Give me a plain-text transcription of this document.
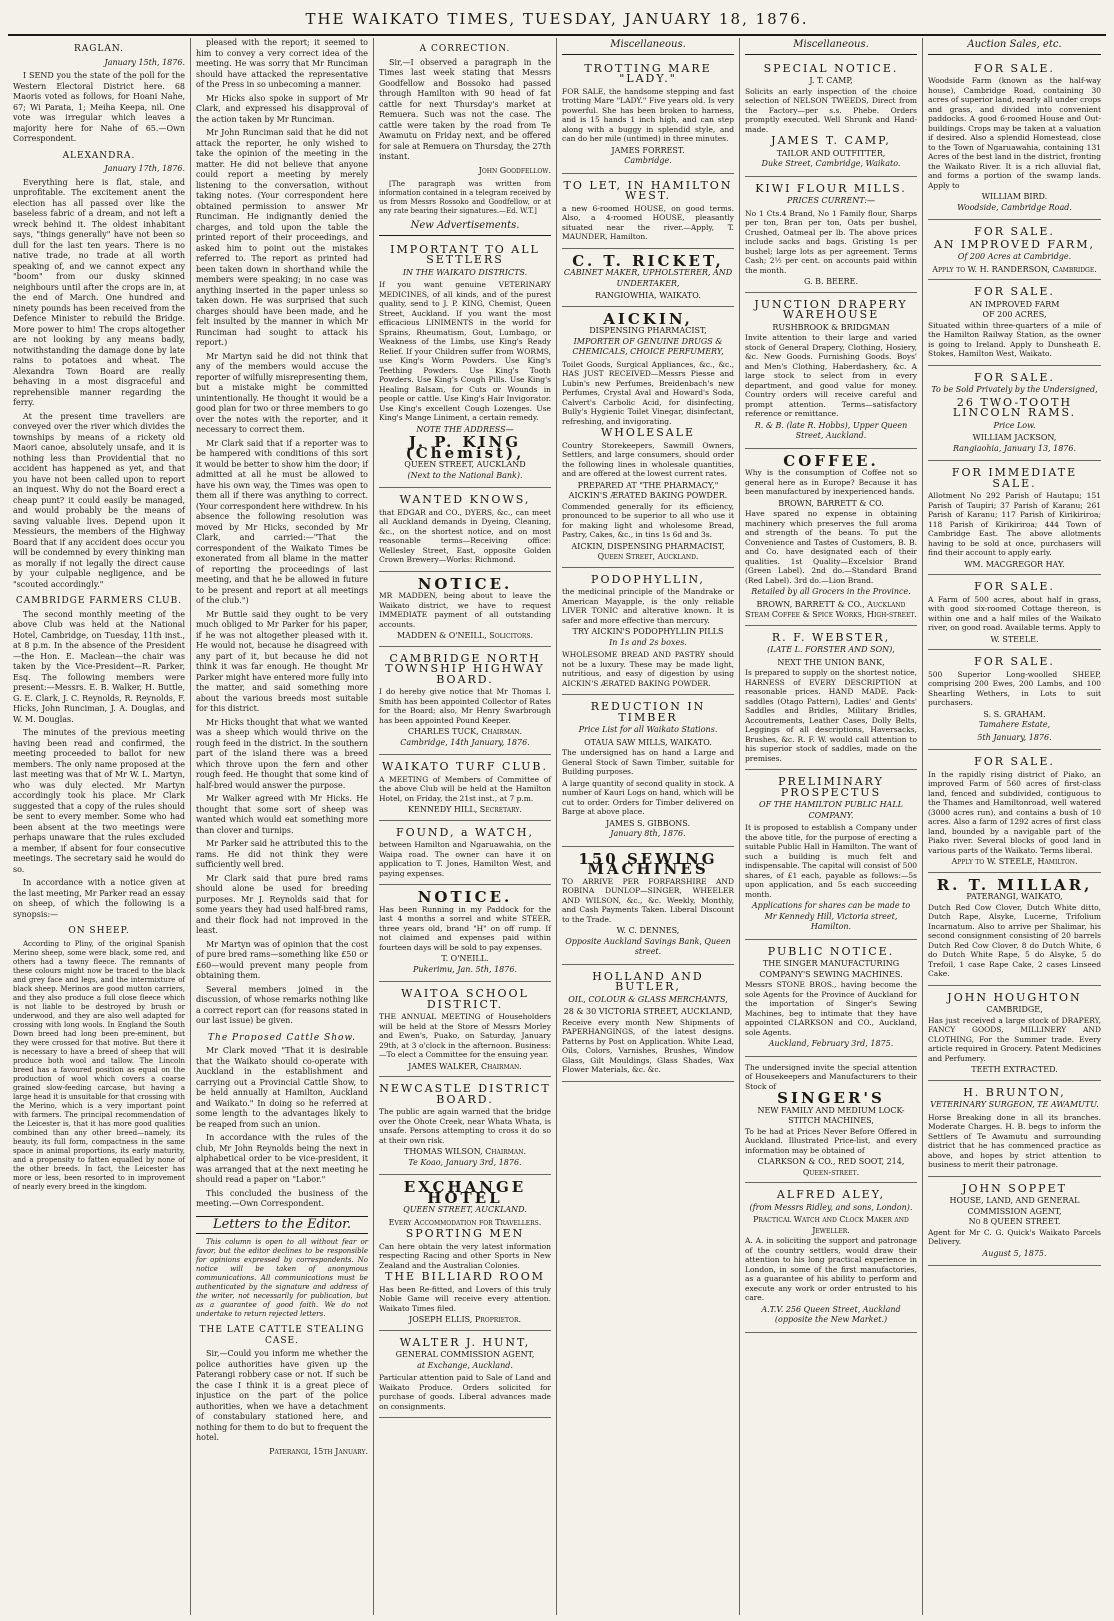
THE WAIKATO TIMES, TUESDAY, JANUARY 18, 1876.
RAGLAN.
January 15th, 1876.

I SEND you the state of the poll for the Western Electoral District here. 68 Maoris voted as follows, for Hoani Nahe, 67; Wi Parata, 1; Meiha Keepa, nil. One vote was irregular which leaves a majority here for Nahe of 65.—Own Correspondent.

ALEXANDRA.
January 17th, 1876.

Everything here is flat, stale, and unprofitable. The excitement anent the election has all passed over like the baseless fabric of a dream, and not left a wreck behind it. The oldest inhabitant says, "things generally" have not been so dull for the last ten years. There is no native trade, no trade at all worth speaking of, and we cannot expect any "boom" from our dusky skinned neighbours until after the crops are in, at the end of March. One hundred and ninety pounds has been received from the Defence Minister to rebuild the Bridge. More power to him! The crops altogether are not looking by any means badly, notwithstanding the damage done by late rains to potatoes and wheat. The Alexandra Town Board are really behaving in a most disgraceful and reprehensible manner regarding the ferry.

At the present time travellers are conveyed over the river which divides the townships by means of a rickety old Maori canoe, absolutely unsafe, and it is nothing less than Providential that no accident has happened as yet, and that you have not been called upon to report an inquest. Why do not the Board erect a cheap punt? it could easily be managed, and would probably be the means of saving valuable lives. Depend upon it Messieurs, the members of the Highway Board that if any accident does occur you will be condemned by every thinking man as morally if not legally the direct cause by your culpable negligence, and be "scouted accordingly."

CAMBRIDGE FARMERS CLUB.

The second monthly meeting of the above Club was held at the National Hotel, Cambridge, on Tuesday, 11th inst., at 8 p.m. In the absence of the President—the Hon. E. Maclean—the chair was taken by the Vice-President—R. Parker, Esq. The following members were present:—Messrs. E. B. Walker, H. Buttle, G. E. Clark, J. C. Reynolds, R. Reynolds, F. Hicks, John Runciman, J. A. Douglas, and W. M. Douglas.

The minutes of the previous meeting having been read and confirmed, the meeting proceeded to ballot for new members. The only name proposed at the last meeting was that of Mr W. L. Martyn, who was duly elected. Mr Martyn accordingly took his place. Mr Clark suggested that a copy of the rules should be sent to every member. Some who had been absent at the two meetings were perhaps unaware that the rules excluded a member, if absent for four consecutive meetings. The secretary said he would do so.

In accordance with a notice given at the last meeting, Mr Parker read an essay on sheep, of which the following is a synopsis:—

ON SHEEP.

According to Pliny, of the original Spanish Merino sheep, some were black, some red, and others had a tawny fleece. The remnants of these colours might now be traced to the black and grey face and legs, and the intermixture of black sheep. Merinos are good mutton carriers, and they also produce a full close fleece which is not liable to be destroyed by brush or underwood, and they are also well adapted for crossing with long wools. In England the South Down breed had long been pre-eminent, but they were crossed for that motive. But there it is necessary to have a breed of sheep that will produce both wool and tallow. The Lincoln breed has a favoured position as equal on the production of wool which covers a coarse grained slow-feeding carcase, but having a large head it is unsuitable for that crossing with the Merino, which is a very important point with farmers. The principal recommendation of the Leicester is, that it has more good qualities combined than any other breed—namely, its beauty, its full form, compactness in the same space in animal proportions, its early maturity, and a propensity to fatten equalled by none of the other breeds. In fact, the Leicester has more or less, been resorted to in improvement of nearly every breed in the kingdom.

pleased with the report; it seemed to him to convey a very correct idea of the meeting. He was sorry that Mr Runciman should have attacked the representative of the Press in so unbecoming a manner.

Mr Hicks also spoke in support of Mr Clark, and expressed his disapproval of the action taken by Mr Runciman.

Mr John Runciman said that he did not attack the reporter, he only wished to take the opinion of the meeting in the matter. He did not believe that anyone could report a meeting by merely listening to the conversation, without taking notes. (Your correspondent here obtained permission to answer Mr Runciman. He indignantly denied the charges, and told upon the table the printed report of their proceedings, and asked him to point out the mistakes referred to. The report as printed had been taken down in shorthand while the members were speaking; in no case was anything inserted in the paper unless so taken down. He was surprised that such charges should have been made, and he felt insulted by the manner in which Mr Runciman had sought to attack his report.)

Mr Martyn said he did not think that any of the members would accuse the reporter of wilfully misrepresenting them, but a mistake might be committed unintentionally. He thought it would be a good plan for two or three members to go over the notes with the reporter, and it necessary to correct them.

Mr Clark said that if a reporter was to be hampered with conditions of this sort it would be better to show him the door; if admitted at all he must be allowed to have his own way, the Times was open to them all if there was anything to correct. (Your correspondent here withdrew. In his absence the following resolution was moved by Mr Hicks, seconded by Mr Clark, and carried:—"That the correspondent of the Waikato Times be exonerated from all blame in the matter of reporting the proceedings of last meeting, and that he be allowed in future to be present and report at all meetings of the club.")

Mr Buttle said they ought to be very much obliged to Mr Parker for his paper, if he was not altogether pleased with it. He would not, because he disagreed with any part of it, but because he did not think it was far enough. He thought Mr Parker might have entered more fully into the matter, and said something more about the various breeds most suitable for this district.

Mr Hicks thought that what we wanted was a sheep which would thrive on the rough feed in the district. In the southern part of the island there was a breed which throve upon the fern and other rough feed. He thought that some kind of half-bred would answer the purpose.

Mr Walker agreed with Mr Hicks. He thought that some sort of sheep was wanted which would eat something more than clover and turnips.

Mr Parker said he attributed this to the rams. He did not think they were sufficiently well bred.

Mr Clark said that pure bred rams should alone be used for breeding purposes. Mr J. Reynolds said that for some years they had used half-bred rams, and their flock had not improved in the least.

Mr Martyn was of opinion that the cost of pure bred rams—something like £50 or £60—would prevent many people from obtaining them.

Several members joined in the discussion, of whose remarks nothing like a correct report can (for reasons stated in our last issue) be given.

The Proposed Cattle Show.

Mr Clark moved "That it is desirable that the Waikato should co-operate with Auckland in the establishment and carrying out a Provincial Cattle Show, to be held annually at Hamilton, Auckland and Waikato." In doing so he referred at some length to the advantages likely to be reaped from such an union.

In accordance with the rules of the club, Mr John Reynolds being the next in alphabetical order to be vice-president, it was arranged that at the next meeting he should read a paper on "Labor."

This concluded the business of the meeting.—Own Correspondent.

Letters to the Editor.

This column is open to all without fear or favor, but the editor declines to be responsible for opinions expressed by correspondents. No notice will be taken of anonymous communications. All communications must be authenticated by the signature and address of the writer, not necessarily for publication, but as a guarantee of good faith. We do not undertake to return rejected letters.

THE LATE CATTLE STEALING CASE.

Sir,—Could you inform me whether the police authorities have given up the Paterangi robbery case or not. If such be the case I think it is a great piece of injustice on the part of the police authorities, when we have a detachment of constabulary stationed here, and nothing for them to do but to frequent the hotel.

Paterangi, 15th January.
A CORRECTION.

Sir,—I observed a paragraph in the Times last week stating that Messrs Goodfellow and Bossoko had passed through Hamilton with 90 head of fat cattle for next Thursday's market at Remuera. Such was not the case. The cattle were taken by the road from Te Awamutu on Friday next, and be offered for sale at Remuera on Thursday, the 27th instant.

John Goodfellow.

[The paragraph was written from information contained in a telegram received by us from Messrs Rossoko and Goodfellow, or at any rate bearing their signatures.—Ed. W.T.]

New Advertisements.
IMPORTANT TO ALL SETTLERS
IN THE WAIKATO DISTRICTS.
If you want genuine VETERINARY MEDICINES, of all kinds, and of the purest quality, send to J. P. KING, Chemist, Queen Street, Auckland. If you want the most efficacious LINIMENTS in the world for Sprains, Rheumatism, Gout, Lumbago, or Weakness of the Limbs, use King's Ready Relief. If your Children suffer from WORMS, use King's Worm Powders. Use King's Teething Powders. Use King's Tooth Powders. Use King's Cough Pills. Use King's Healing Balsam, for Cuts or Wounds in people or cattle. Use King's Hair Invigorator. Use King's excellent Cough Lozenges. Use King's Mange Liniment, a certain remedy.
NOTE THE ADDRESS—
J. P. KING (Chemist),
QUEEN STREET, AUCKLAND
(Next to the National Bank).
WANTED KNOWS,
that EDGAR and CO., DYERS, &c., can meet all Auckland demands in Dyeing, Cleaning, &c., on the shortest notice, and on most reasonable terms—Receiving office: Wellesley Street, East, opposite Golden Crown Brewery—Works: Richmond.
NOTICE.
MR MADDEN, being about to leave the Waikato district, we have to request IMMEDIATE payment of all outstanding accounts.
MADDEN & O'NEILL, Solicitors.
CAMBRIDGE NORTH TOWNSHIP HIGHWAY BOARD.
I do hereby give notice that Mr Thomas I. Smith has been appointed Collector of Rates for the Board; also, Mr Henry Swarbrough has been appointed Pound Keeper.
CHARLES TUCK, Chairman.
Cambridge, 14th January, 1876.
WAIKATO TURF CLUB.
A MEETING of Members of Committee of the above Club will be held at the Hamilton Hotel, on Friday, the 21st inst., at 7 p.m.
KENNEDY HILL, Secretary.
FOUND, a WATCH,
between Hamilton and Ngaruawahia, on the Waipa road. The owner can have it on application to T. Jones, Hamilton West, and paying expenses.
NOTICE.
Has been Running in my Paddock for the last 4 months a sorrel and white STEER, three years old, brand "H" on off rump. If not claimed and expenses paid within fourteen days will be sold to pay expenses.
T. O'NEILL.
Pukerimu, Jan. 5th, 1876.
WAITOA SCHOOL DISTRICT.
THE ANNUAL MEETING of Householders will be held at the Store of Messrs Morley and Ewen's, Puako, on Saturday, January 29th, at 3 o'clock in the afternoon. Business:—To elect a Committee for the ensuing year.
JAMES WALKER, Chairman.
NEWCASTLE DISTRICT BOARD.
The public are again warned that the bridge over the Ohote Creek, near Whata Whata, is unsafe. Persons attempting to cross it do so at their own risk.
THOMAS WILSON, Chairman.
Te Koao, January 3rd, 1876.
EXCHANGE HOTEL
QUEEN STREET, AUCKLAND.
Every Accommodation for Travellers.
SPORTING MEN
Can here obtain the very latest information respecting Racing and other Sports in New Zealand and the Australian Colonies.
THE BILLIARD ROOM
Has been Re-fitted, and Lovers of this truly Noble Game will receive every attention. Waikato Times filed.
JOSEPH ELLIS, Proprietor.
WALTER J. HUNT,
GENERAL COMMISSION AGENT,
at Exchange, Auckland.
Particular attention paid to Sale of Land and Waikato Produce. Orders solicited for purchase of goods. Liberal advances made on consignments.
Miscellaneous.
TROTTING MARE "LADY."
FOR SALE, the handsome stepping and fast trotting Mare "LADY." Five years old. Is very powerful. She has been broken to harness, and is 15 hands 1 inch high, and can step along with a buggy in splendid style, and can do her mile (untimed) in three minutes.
JAMES FORREST.
Cambridge.
TO LET, IN HAMILTON WEST.
a new 6-roomed HOUSE, on good terms. Also, a 4-roomed HOUSE, pleasantly situated near the river.—Apply, T. MAUNDER, Hamilton.
C. T. RICKET,
CABINET MAKER, UPHOLSTERER, AND UNDERTAKER,
RANGIOWHIA, WAIKATO.
AICKIN,
DISPENSING PHARMACIST,
IMPORTER OF GENUINE DRUGS & CHEMICALS, CHOICE PERFUMERY,
Toilet Goods, Surgical Appliances, &c., &c., HAS JUST RECEIVED—Messrs Piesse and Lubin's new Perfumes, Breidenbach's new Perfumes, Crystal Aval and Howard's Soda, Calvert's Carbolic Acid, for disinfecting, Bully's Hygienic Toilet Vinegar, disinfectant, refreshing, and invigorating.
WHOLESALE
Country Storekeepers, Sawmill Owners, Settlers, and large consumers, should order the following lines in wholesale quantities, and are offered at the lowest current rates.
PREPARED AT "THE PHARMACY,"
AICKIN'S ÆRATED BAKING POWDER.
Commended generally for its efficiency, pronounced to be superior to all who use it for making light and wholesome Bread, Pastry, Cakes, &c., in tins 1s 6d and 3s.
AICKIN, DISPENSING PHARMACIST, Queen Street, Auckland.
PODOPHYLLIN,
the medicinal principle of the Mandrake or American Mayapple, is the only reliable LIVER TONIC and alterative known. It is safer and more effective than mercury.
TRY AICKIN'S PODOPHYLLIN PILLS
In 1s and 2s boxes.
WHOLESOME BREAD AND PASTRY should not be a luxury. These may be made light, nutritious, and easy of digestion by using AICKIN'S ÆRATED BAKING POWDER.
REDUCTION IN TIMBER
Price List for all Waikato Stations.
OTAUA SAW MILLS, WAIKATO.
The undersigned has on hand a Large and General Stock of Sawn Timber, suitable for Building purposes.
A large quantity of second quality in stock. A number of Kauri Logs on hand, which will be cut to order. Orders for Timber delivered on Barge at above place.
JAMES S. GIBBONS.
January 8th, 1876.
150 SEWING MACHINES
TO ARRIVE PER FORFARSHIRE AND ROBINA DUNLOP—SINGER, WHEELER AND WILSON, &c., &c. Weekly, Monthly, and Cash Payments Taken. Liberal Discount to the Trade.
W. C. DENNES,
Opposite Auckland Savings Bank, Queen street.
HOLLAND AND BUTLER,
OIL, COLOUR & GLASS MERCHANTS,
28 & 30 VICTORIA STREET, AUCKLAND,
Receive every month New Shipments of PAPERHANGINGS, of the latest designs. Patterns by Post on Application. White Lead, Oils, Colors, Varnishes, Brushes, Window Glass, Gilt Mouldings, Glass Shades, Wax Flower Materials, &c. &c.
Miscellaneous.
SPECIAL NOTICE.
J. T. CAMP,
Solicits an early inspection of the choice selection of NELSON TWEEDS, Direct from the Factory—per s.s. Phebe. Orders promptly executed. Well Shrunk and Hand-made.
JAMES T. CAMP,
TAILOR AND OUTFITTER,
Duke Street, Cambridge, Waikato.
KIWI FLOUR MILLS.
PRICES CURRENT:—
No 1 Cts.4 Brand, No 1 Family flour, Sharps per ton, Bran per ton, Oats per bushel, Crushed, Oatmeal per lb. The above prices include sacks and bags. Gristing 1s per bushel; large lots as per agreement. Terms Cash; 2½ per cent. on accounts paid within the month.
G. B. BEERE.
JUNCTION DRAPERY WAREHOUSE
RUSHBROOK & BRIDGMAN
Invite attention to their large and varied stock of General Drapery, Clothing, Hosiery, &c. New Goods. Furnishing Goods. Boys' and Men's Clothing, Haberdashery, &c. A large stock to select from in every department, and good value for money. Country orders will receive careful and prompt attention. Terms—satisfactory reference or remittance.
R. & B. (late R. Hobbs), Upper Queen Street, Auckland.
COFFEE.
Why is the consumption of Coffee not so general here as in Europe? Because it has been manufactured by inexperienced hands.
BROWN, BARRETT & CO.
Have spared no expense in obtaining machinery which preserves the full aroma and strength of the beans. To put the Convenience and Tastes of Customers, B. B. and Co. have designated each of their qualities. 1st Quality—Excelsior Brand (Green Label). 2nd do.—Standard Brand (Red Label). 3rd do.—Lion Brand.
Retailed by all Grocers in the Province.
BROWN, BARRETT & CO., Auckland Steam Coffee & Spice Works, High-street.
R. F. WEBSTER,
(LATE L. FORSTER AND SON),
NEXT THE UNION BANK,
Is prepared to supply on the shortest notice, HARNESS of EVERY DESCRIPTION at reasonable prices. HAND MADE. Pack-saddles (Otago Pattern), Ladies' and Gents' Saddles and Bridles, Military Bridles, Accoutrements, Leather Cases, Dolly Belts, Leggings of all descriptions, Haversacks, Brushes, &c. R. F. W. would call attention to his superior stock of saddles, made on the premises.
PRELIMINARY PROSPECTUS
OF THE HAMILTON PUBLIC HALL COMPANY.
It is proposed to establish a Company under the above title, for the purpose of erecting a suitable Public Hall in Hamilton. The want of such a building is much felt and indispensable. The capital will consist of 500 shares, of £1 each, payable as follows:—5s upon application, and 5s each succeeding month.
Applications for shares can be made to Mr Kennedy Hill, Victoria street, Hamilton.
PUBLIC NOTICE.
THE SINGER MANUFACTURING COMPANY'S SEWING MACHINES.
Messrs STONE BROS., having become the sole Agents for the Province of Auckland for the importation of Singer's Sewing Machines, beg to intimate that they have appointed CLARKSON and CO., Auckland, sole Agents.
Auckland, February 3rd, 1875.
The undersigned invite the special attention of Housekeepers and Manufacturers to their Stock of
SINGER'S
NEW FAMILY AND MEDIUM LOCK-STITCH MACHINES,
To be had at Prices Never Before Offered in Auckland. Illustrated Price-list, and every information may be obtained of
CLARKSON & CO., RED SOOT, 214, Queen-street.
ALFRED ALEY,
(from Messrs Ridley, and sons, London).
Practical Watch and Clock Maker and Jeweller.
A. A. in soliciting the support and patronage of the country settlers, would draw their attention to his long practical experience in London, in some of the first manufactories, as a guarantee of his ability to perform and execute any work or order entrusted to his care.
A.T.V. 256 Queen Street, Auckland (opposite the New Market.)
Auction Sales, etc.
FOR SALE.
Woodside Farm (known as the half-way house), Cambridge Road, containing 30 acres of superior land, nearly all under crops and grass, and divided into convenient paddocks. A good 6-roomed House and Out-buildings. Crops may be taken at a valuation if desired. Also a splendid Homestead, close to the Town of Ngaruawahia, containing 131 Acres of the best land in the district, fronting the Waikato River. It is a rich alluvial flat, and forms a portion of the swamp lands. Apply to
WILLIAM BIRD.
Woodside, Cambridge Road.
FOR SALE.
AN IMPROVED FARM,
Of 200 Acres at Cambridge.
Apply to W. H. RANDERSON, Cambridge.
FOR SALE.
AN IMPROVED FARM
OF 200 ACRES,
Situated within three-quarters of a mile of the Hamilton Railway Station, as the owner is going to Ireland. Apply to Dunsheath E. Stokes, Hamilton West, Waikato.
FOR SALE.
To be Sold Privately by the Undersigned,
26 TWO-TOOTH LINCOLN RAMS.
Price Low.
WILLIAM JACKSON,
Rangiaohia, January 13, 1876.
FOR IMMEDIATE SALE.
Allotment No 292 Parish of Hautapu; 151 Parish of Taupiri; 37 Parish of Karanu; 261 Parish of Karanu; 117 Parish of Kirikiriroa; 118 Parish of Kirikiriroa; 444 Town of Cambridge East. The above allotments having to be sold at once, purchasers will find their account to apply early.
WM. MACGREGOR HAY.
FOR SALE.
A Farm of 500 acres, about half in grass, with good six-roomed Cottage thereon, is within one and a half miles of the Waikato river, on good road. Available terms. Apply to
W. STEELE.
FOR SALE.
500 Superior Long-woolled SHEEP, comprising 200 Ewes, 200 Lambs, and 100 Shearling Wethers, in Lots to suit purchasers.
S. S. GRAHAM.
Tamahere Estate,
5th January, 1876.
FOR SALE.
In the rapidly rising district of Piako, an improved Farm of 560 acres of first-class land, fenced and subdivided, contiguous to the Thames and Hamiltonroad, well watered (3000 acres run), and contains a bush of 10 acres. Also a farm of 1292 acres of first class land, bounded by a navigable part of the Piako river. Several blocks of good land in various parts of the Waikato. Terms liberal.
Apply to W. STEELE, Hamilton.
R. T. MILLAR,
PATERANGI, WAIKATO,
Dutch Red Cow Clover, Dutch White ditto, Dutch Rape, Alsyke, Lucerne, Trifolium Incarnatum. Also to arrive per Shalimar, his second consignment consisting of 20 barrels Dutch Red Cow Clover, 8 do Dutch White, 6 do Dutch White Rape, 5 do Alsyke, 5 do Trefoil, 1 case Rape Cake, 2 cases Linseed Cake.
JOHN HOUGHTON
CAMBRIDGE,
Has just received a large stock of DRAPERY, FANCY GOODS, MILLINERY AND CLOTHING, For the Summer trade. Every article required in Grocery. Patent Medicines and Perfumery.
TEETH EXTRACTED.
H. BRUNTON,
VETERINARY SURGEON, TE AWAMUTU.
Horse Breaking done in all its branches. Moderate Charges. H. B. begs to inform the Settlers of Te Awamutu and surrounding district that he has commenced practice as above, and hopes by strict attention to business to merit their patronage.
JOHN SOPPET
HOUSE, LAND, AND GENERAL COMMISSION AGENT,
No 8 QUEEN STREET.
Agent for Mr C. G. Quick's Waikato Parcels Delivery.
August 5, 1875.
